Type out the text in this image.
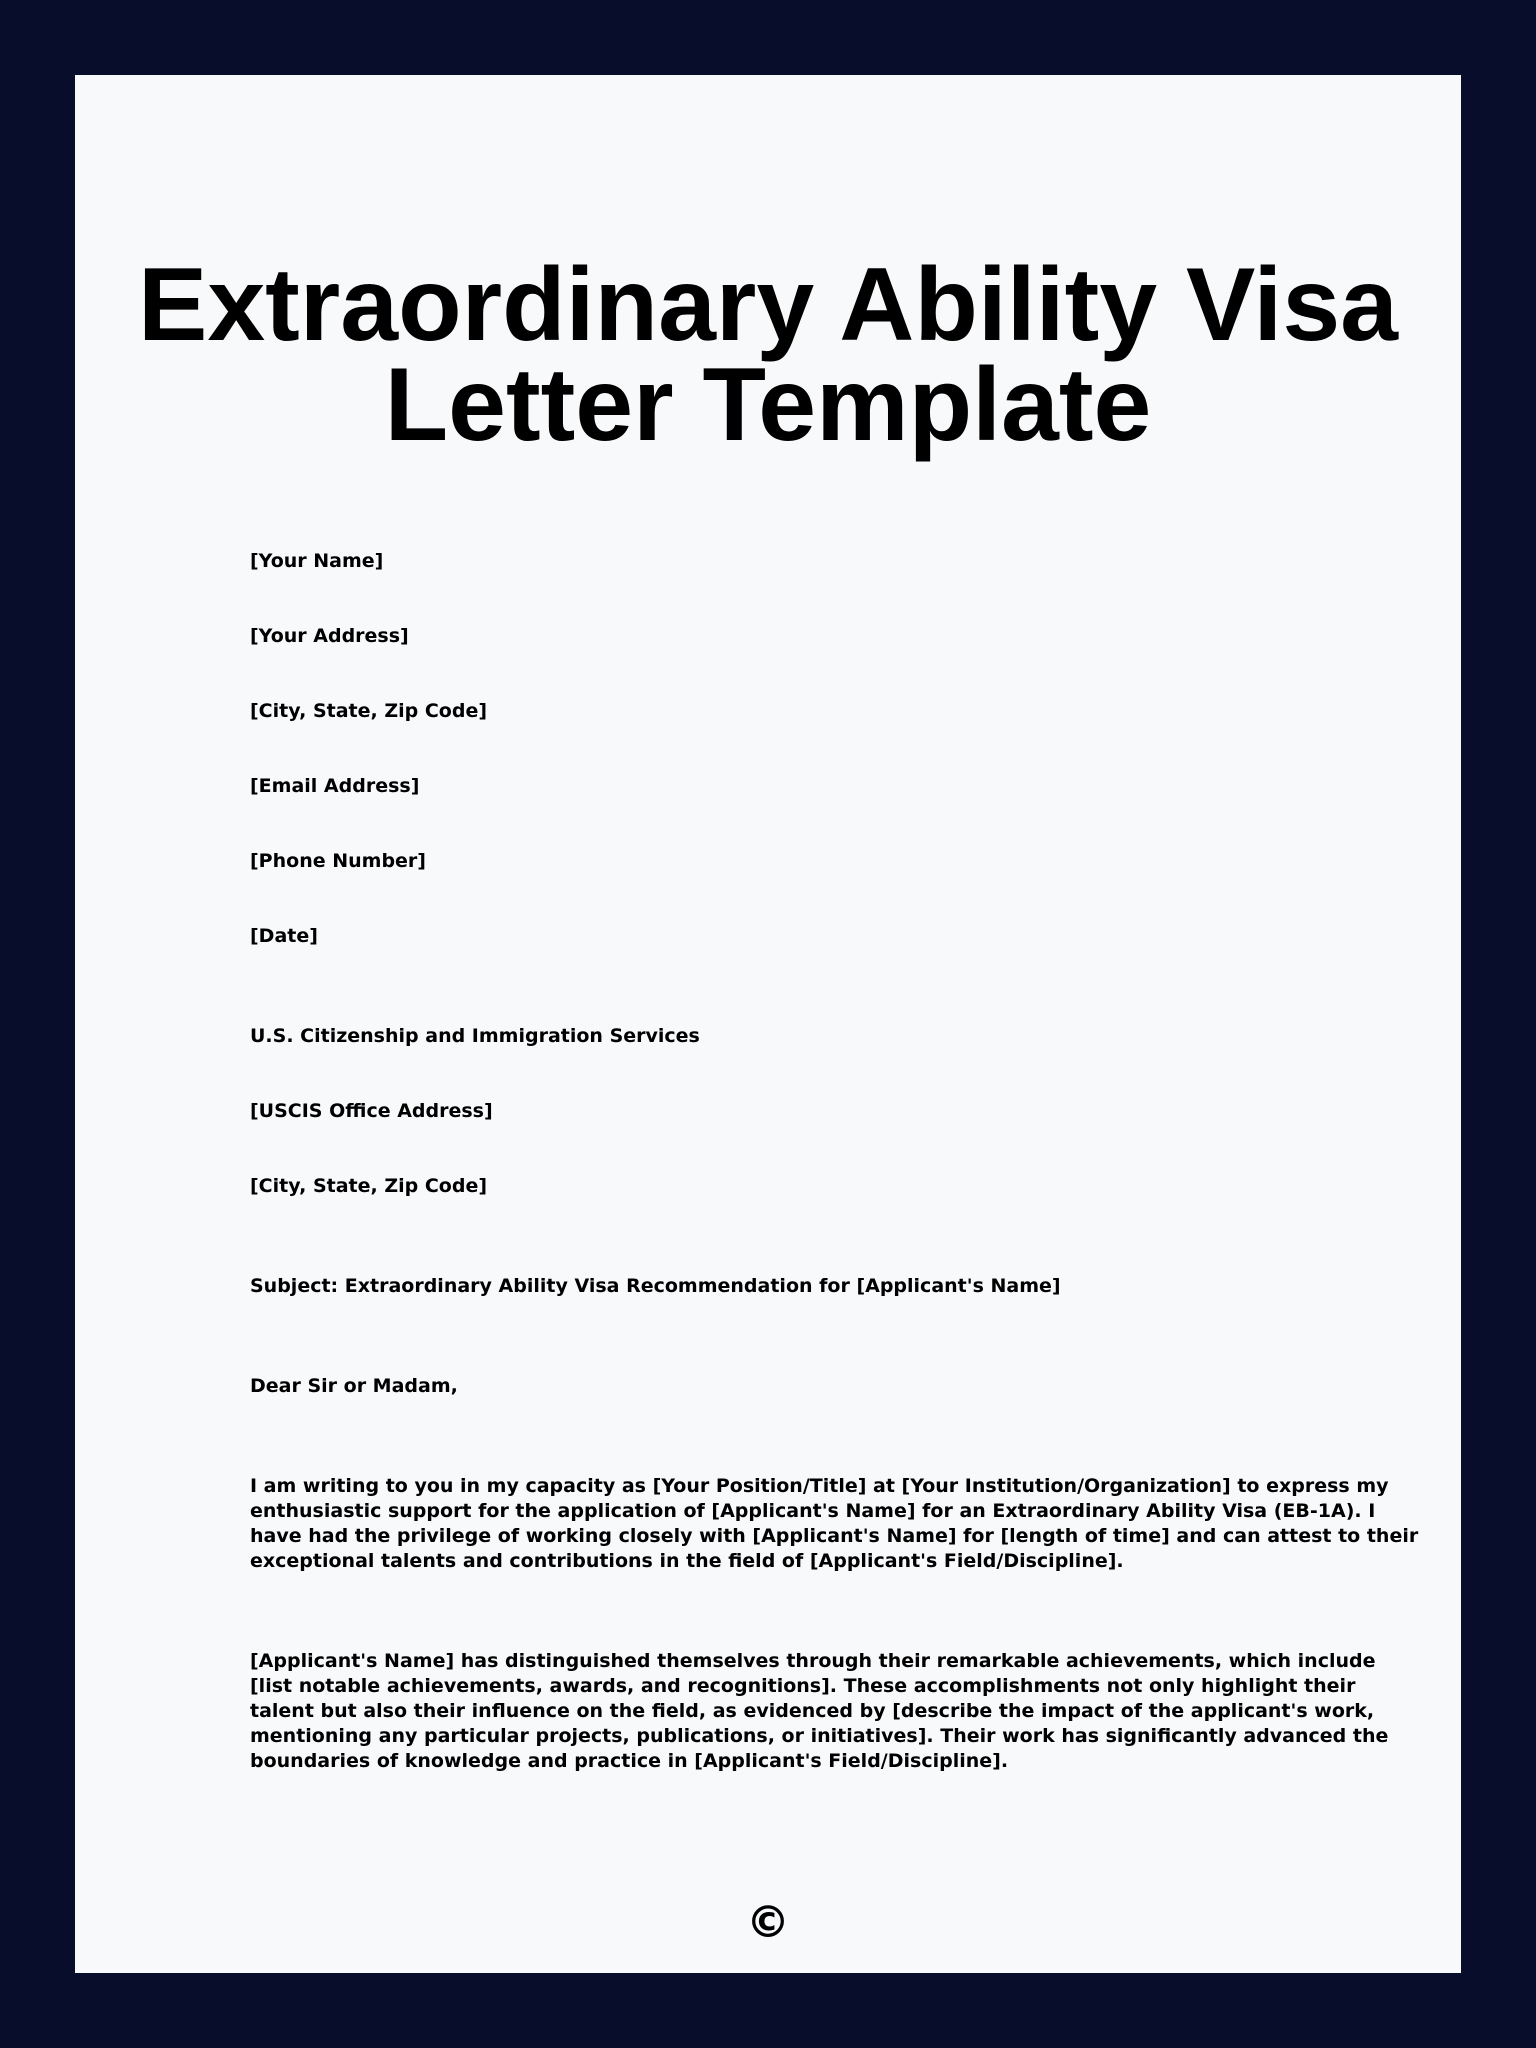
Extraordinary Ability Visa
Letter Template

[Your Name]

[Your Address]

[City, State, Zip Code]

[Email Address]

[Phone Number]

[Date]

U.S. Citizenship and Immigration Services

[USCIS Office Address]

[City, State, Zip Code]

Subject: Extraordinary Ability Visa Recommendation for [Applicant's Name]

Dear Sir or Madam,

I am writing to you in my capacity as [Your Position/Title] at [Your Institution/Organization] to express my
enthusiastic support for the application of [Applicant's Name] for an Extraordinary Ability Visa (EB-1A). I
have had the privilege of working closely with [Applicant's Name] for [length of time] and can attest to their
exceptional talents and contributions in the field of [Applicant's Field/Discipline].
[Applicant's Name] has distinguished themselves through their remarkable achievements, which include
[list notable achievements, awards, and recognitions]. These accomplishments not only highlight their
talent but also their influence on the field, as evidenced by [describe the impact of the applicant's work,
mentioning any particular projects, publications, or initiatives]. Their work has significantly advanced the
boundaries of knowledge and practice in [Applicant's Field/Discipline].
©
